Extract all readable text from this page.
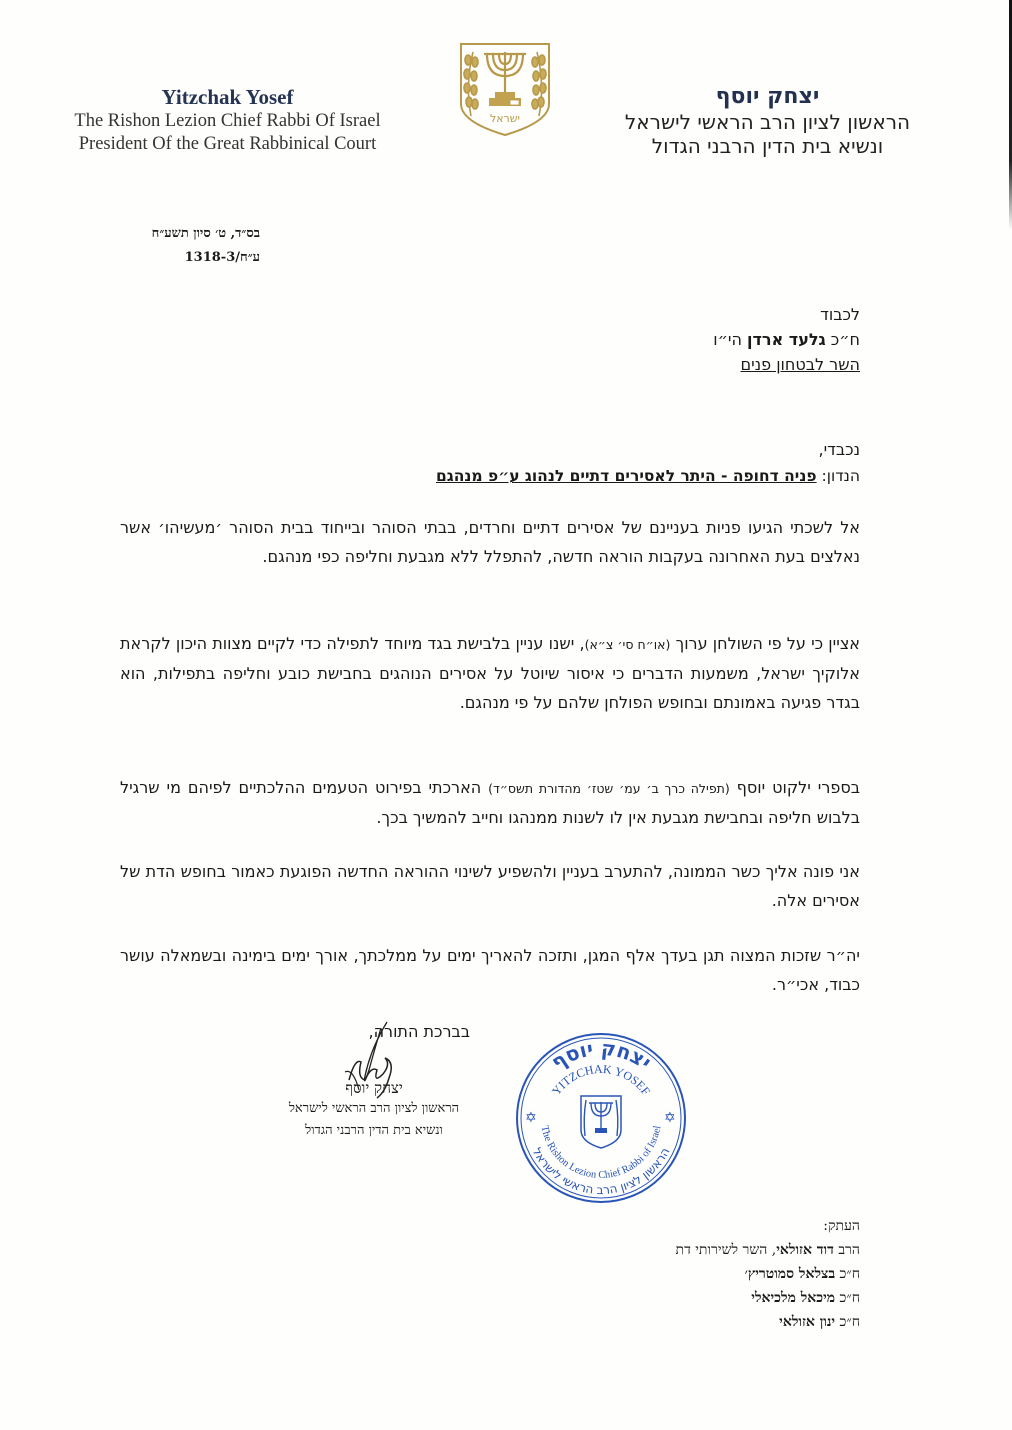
Yitzchak Yosef
The Rishon Lezion Chief Rabbi Of Israel
President Of the Great Rabbinical Court
ישראל
יצחק יוסף
הראשון לציון הרב הראשי לישראל
ונשיא בית הדין הרבני הגדול
בס״ד, ט׳ סיון תשע״ח
ע״ח/1318-3
לכבוד
ח״כ גלעד ארדן הי״ו
השר לבטחון פנים
נכבדי,
הנדון: פניה דחופה - היתר לאסירים דתיים לנהוג ע״פ מנהגם
אל לשכתי הגיעו פניות בעניינם של אסירים דתיים וחרדים, בבתי הסוהר ובייחוד בבית הסוהר ׳מעשיהו׳ אשר נאלצים בעת האחרונה בעקבות הוראה חדשה, להתפלל ללא מגבעת וחליפה כפי מנהגם.
אציין כי על פי השולחן ערוך (או״ח סי׳ צ״א), ישנו עניין בלבישת בגד מיוחד לתפילה כדי לקיים מצוות היכון לקראת אלוקיך ישראל, משמעות הדברים כי איסור שיוטל על אסירים הנוהגים בחבישת כובע וחליפה בתפילות, הוא בגדר פגיעה באמונתם ובחופש הפולחן שלהם על פי מנהגם.
בספרי ילקוט יוסף (תפילה כרך ב׳ עמ׳ שטז׳ מהדורת תשס״ד) הארכתי בפירוט הטעמים ההלכתיים לפיהם מי שרגיל בלבוש חליפה ובחבישת מגבעת אין לו לשנות ממנהגו וחייב להמשיך בכך.
אני פונה אליך כשר הממונה, להתערב בעניין ולהשפיע לשינוי ההוראה החדשה הפוגעת כאמור בחופש הדת של אסירים אלה.
יה״ר שזכות המצוה תגן בעדך אלף המגן, ותזכה להאריך ימים על ממלכתך, אורך ימים בימינה ובשמאלה עושר כבוד, אכי״ר.
בברכת התורה,
יצחק יוסף
הראשון לציון הרב הראשי לישראל
ונשיא בית הדין הרבני הגדול
יצחק יוסף
YITZCHAK YOSEF
The Rishon Lezion Chief Rabbi of Israel
הראשון לציון הרב הראשי לישראל
✡	✡
העתק:
הרב דוד אזולאי, השר לשירותי דת
ח״כ בצלאל סמוטריץ׳
ח״כ מיכאל מלכיאלי
ח״כ ינון אזולאי
